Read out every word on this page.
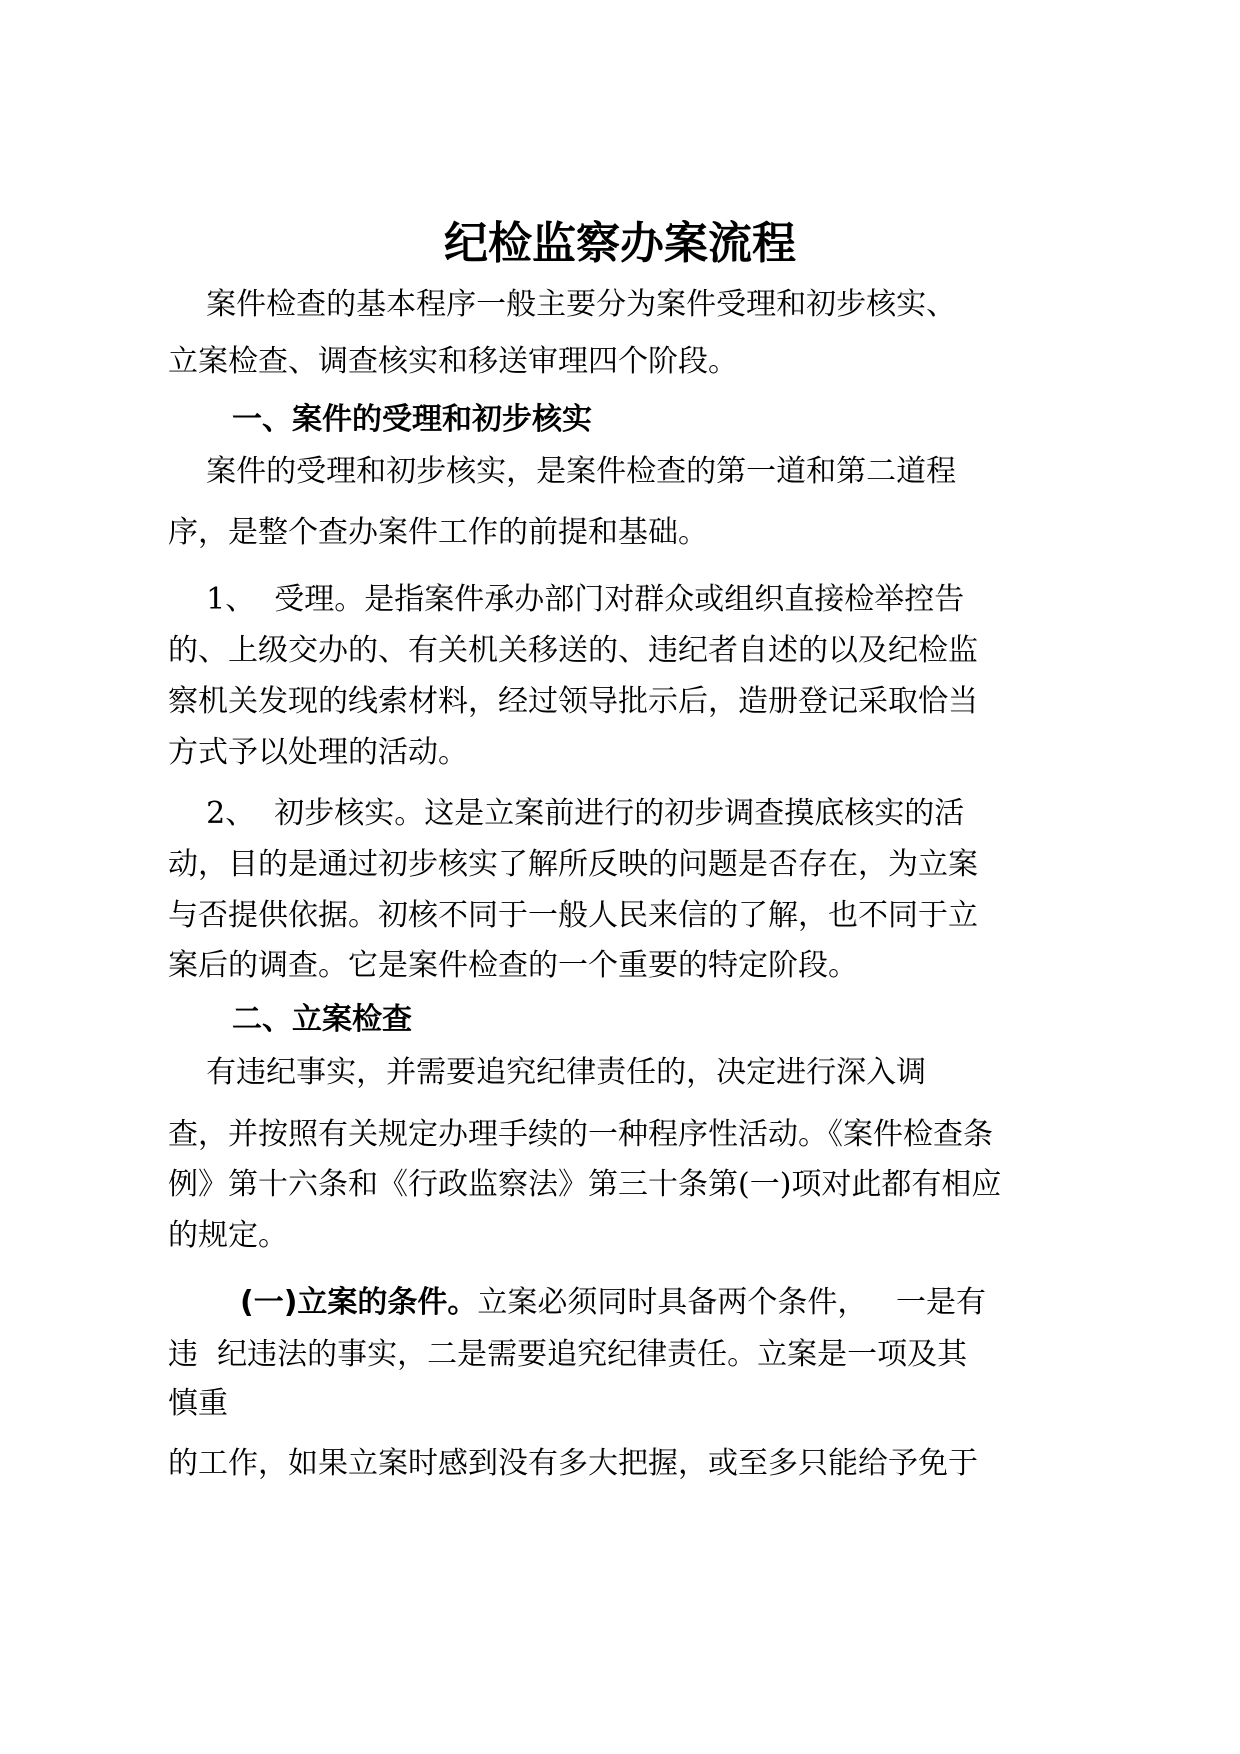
纪检监察办案流程

案件检查的基本程序一般主要分为案件受理和初步核实、

立案检查、调查核实和移送审理四个阶段。

一、案件的受理和初步核实

案件的受理和初步核实，是案件检查的第一道和第二道程

序，是整个查办案件工作的前提和基础。

1、  受理。是指案件承办部门对群众或组织直接检举控告

的、上级交办的、有关机关移送的、违纪者自述的以及纪检监

察机关发现的线索材料，经过领导批示后，造册登记采取恰当

方式予以处理的活动。

2、  初步核实。这是立案前进行的初步调查摸底核实的活

动，目的是通过初步核实了解所反映的问题是否存在，为立案

与否提供依据。初核不同于一般人民来信的了解，也不同于立

案后的调查。它是案件检查的一个重要的特定阶段。

二、立案检查

有违纪事实，并需要追究纪律责任的，决定进行深入调

查，并按照有关规定办理手续的一种程序性活动。《案件检查条

例》第十六条和《行政监察法》第三十条第(一)项对此都有相应

的规定。

(一)立案的条件。立案必须同时具备两个条件，   一是有

违  纪违法的事实，二是需要追究纪律责任。立案是一项及其

慎重

的工作，如果立案时感到没有多大把握，或至多只能给予免于
